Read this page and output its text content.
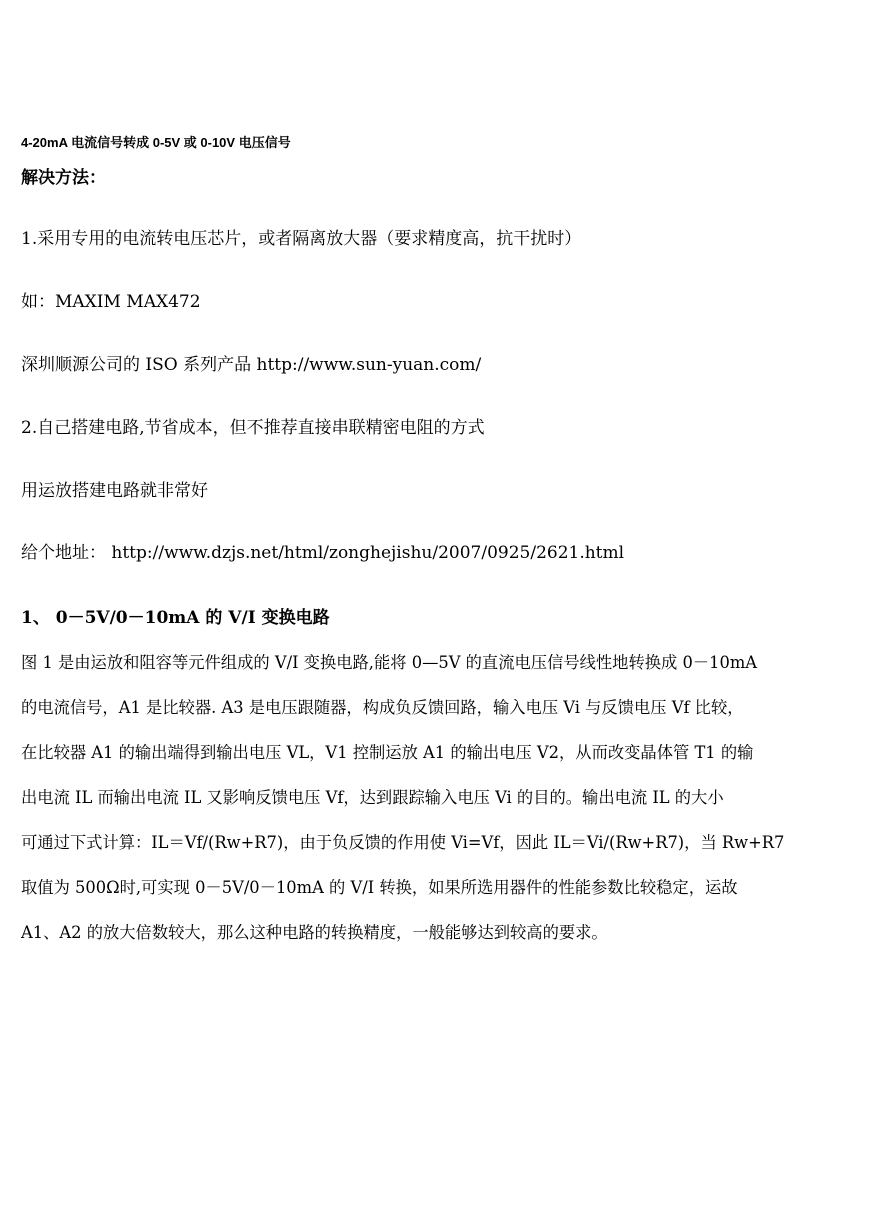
4-20mA 电流信号转成 0-5V 或 0-10V 电压信号
解决方法：
1.采用专用的电流转电压芯片，或者隔离放大器（要求精度高，抗干扰时）
如：MAXIM MAX472
深圳顺源公司的 ISO 系列产品 http://www.sun-yuan.com/
2.自己搭建电路,节省成本，但不推荐直接串联精密电阻的方式
用运放搭建电路就非常好
给个地址： http://www.dzjs.net/html/zonghejishu/2007/0925/2621.html
1、 0－5V/0－10mA 的 V/I 变换电路
图 1 是由运放和阻容等元件组成的 V/I 变换电路,能将 0—5V 的直流电压信号线性地转换成 0－10mA
的电流信号，A1 是比较器. A3 是电压跟随器，构成负反馈回路，输入电压 Vi 与反馈电压 Vf 比较，
在比较器 A1 的输出端得到输出电压 VL，V1 控制运放 A1 的输出电压 V2，从而改变晶体管 T1 的输
出电流 IL 而输出电流 IL 又影响反馈电压 Vf，达到跟踪输入电压 Vi 的目的。输出电流 IL 的大小
可通过下式计算：IL＝Vf/(Rw+R7)，由于负反馈的作用使 Vi=Vf，因此 IL＝Vi/(Rw+R7)，当 Rw+R7
取值为 500Ω时,可实现 0－5V/0－10mA 的 V/I 转换，如果所选用器件的性能参数比较稳定，运故
A1、A2 的放大倍数较大，那么这种电路的转换精度，一般能够达到较高的要求。
